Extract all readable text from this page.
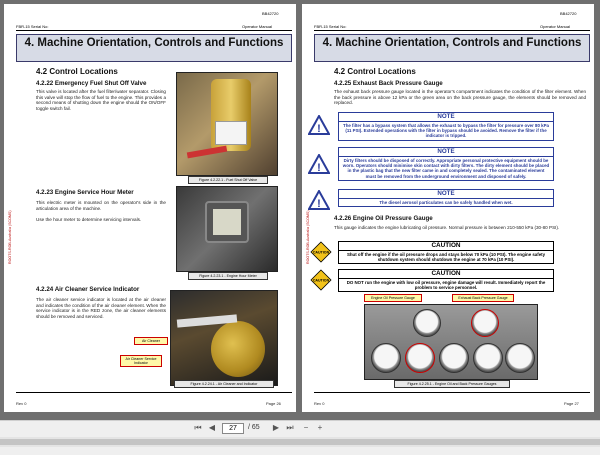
BB42720
FBR-15 Serial No:	Operator Manual
4. Machine Orientation, Controls and Functions
4.2 Control Locations
4.2.22 Emergency Fuel Shut Off Valve
This valve is located after the fuel filter/water separator. Closing this valve will stop the flow of fuel to the engine. This provides a second means of shutting down the engine should the ON/OFF toggle switch fail.
Figure 4.2.22.1 - Fuel Shut Off Valve
4.2.23 Engine Service Hour Meter
This electric meter is mounted on the operator's side in the articulation area of the machine.
Use the hour meter to determine servicing intervals.
Figure 4.2.23.1 - Engine Hour Meter
4.2.24 Air Cleaner Service Indicator
The air cleaner service indicator is located at the air cleaner and indicates the condition of the air cleaner element. When the service indicator is in the RED zone, the air cleaner elements should be removed and serviced.
Air Cleaner
Air Cleaner Service Indicator
Figure 4.2.24.1 - Air Cleaner and Indicator
ROOTS-ROB-Australia (SCOMS)
Rev 0	Page 26
BB42720
FBR-15 Serial No:	Operator Manual
4. Machine Orientation, Controls and Functions
4.2 Control Locations
4.2.25 Exhaust Back Pressure Gauge
The exhaust back pressure gauge located in the operator's compartment indicates the condition of the filter element. When the back pressure is above 12 kPa or the green area on the back pressure gauge, the elements should be removed and replaced.
!
NOTE
The filter has a bypass system that allows the exhaust to bypass the filter for pressure over 80 kPa (11 PSI). Extended operations with the filter in bypass should be avoided. Remove the filter if the indicator is tripped.
!
NOTE
Dirty filters should be disposed of correctly. Appropriate personal protective equipment should be worn. Operators should minimise skin contact with dirty filters. The dirty element should be placed in the plastic bag that the new filter came in and completely sealed. The contaminated element must be removed from the underground environment and disposed of safely.
!
NOTE
The diesel aerosol particulates can be safely handled when wet.
4.2.26 Engine Oil Pressure Gauge
This gauge indicates the engine lubricating oil pressure. Normal pressure is between 210-550 kPa (30-80 PSI).
CAUTION
CAUTION
Shut off the engine if the oil pressure drops and stays below 70 kPa (10 PSI). The engine safety shutdown system should shutdown the engine at 70 kPa (10 PSI).
CAUTION
CAUTION
DO NOT run the engine with low oil pressure, engine damage will result. Immediately report the problem to service personnel.
Engine Oil Pressure Gauge	Exhaust Back Pressure Gauge
Figure 4.2.25.1 - Engine Oil and Back Pressure Gauges
ROOTS-ROB-Australia (SCOMS)
Rev 0	Page 27
⏮ ◀	27	/ 65	▶ ⏭	−	+
